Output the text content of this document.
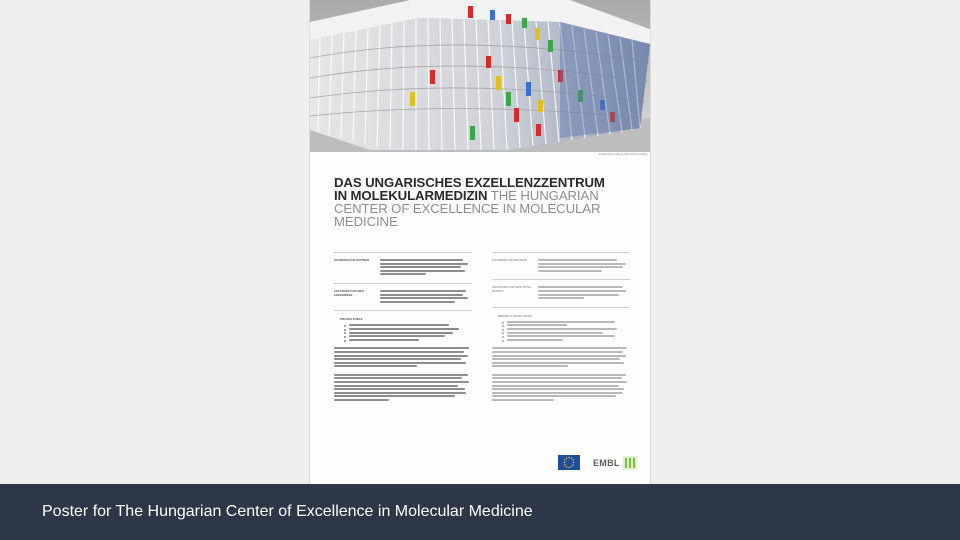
Architectural rendering of the planned building.
DAS UNGARISCHES EXZELLENZZENTRUM
IN MOLEKULARMEDIZIN THE HUNGARIAN
CENTER OF EXCELLENCE IN MOLECULAR
MEDICINE
KOORDINATOR PARTNER
ADVANCED PARTNER ERGEBNISSE
PROJEKTZIELE
COORDINATOR PARTNER
ADVANCED PARTNER TOTAL BUDGET
PROJECT OBJECTIVES
EMBL
Poster for The Hungarian Center of Excellence in Molecular Medicine
